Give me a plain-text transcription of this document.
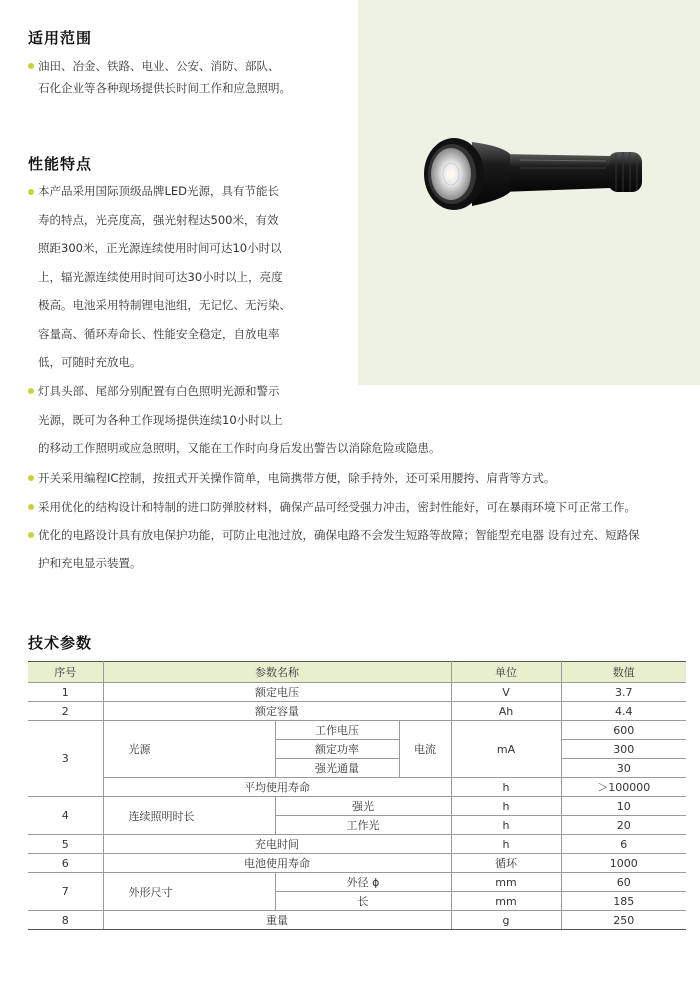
适用范围
油田、冶金、铁路、电业、公安、消防、部队、
石化企业等各种现场提供长时间工作和应急照明。
性能特点
本产品采用国际顶级品牌LED光源，具有节能长
寿的特点，光亮度高，强光射程达500米，有效
照距300米，正光源连续使用时间可达10小时以
上，辐光源连续使用时间可达30小时以上，亮度
极高。电池采用特制锂电池组，无记忆、无污染、
容量高、循环寿命长、性能安全稳定，自放电率
低，可随时充放电。
灯具头部、尾部分别配置有白色照明光源和警示
光源，既可为各种工作现场提供连续10小时以上
的移动工作照明或应急照明，又能在工作时向身后发出警告以消除危险或隐患。
开关采用编程IC控制，按扭式开关操作简单，电筒携带方便，除手持外，还可采用腰挎、肩背等方式。
采用优化的结构设计和特制的进口防弹胶材料，确保产品可经受强力冲击，密封性能好，可在暴雨环境下可正常工作。
优化的电路设计具有放电保护功能，可防止电池过放，确保电路不会发生短路等故障；智能型充电器 设有过充、短路保
护和充电显示装置。
技术参数
序号	参数名称			单位	数值
1	额定电压			V	3.7
2	额定容量			Ah	4.4
3	光源	工作电压	电流	mA	600
		额定功率			300
		强光通量			30
	平均使用寿命			h	＞100000
4	连续照明时长	强光		h	10
		工作光		h	20
5	充电时间			h	6
6	电池使用寿命			循环	1000
7	外形尺寸	外径 ϕ		mm	60
		长		mm	185
8	重量			g	250
